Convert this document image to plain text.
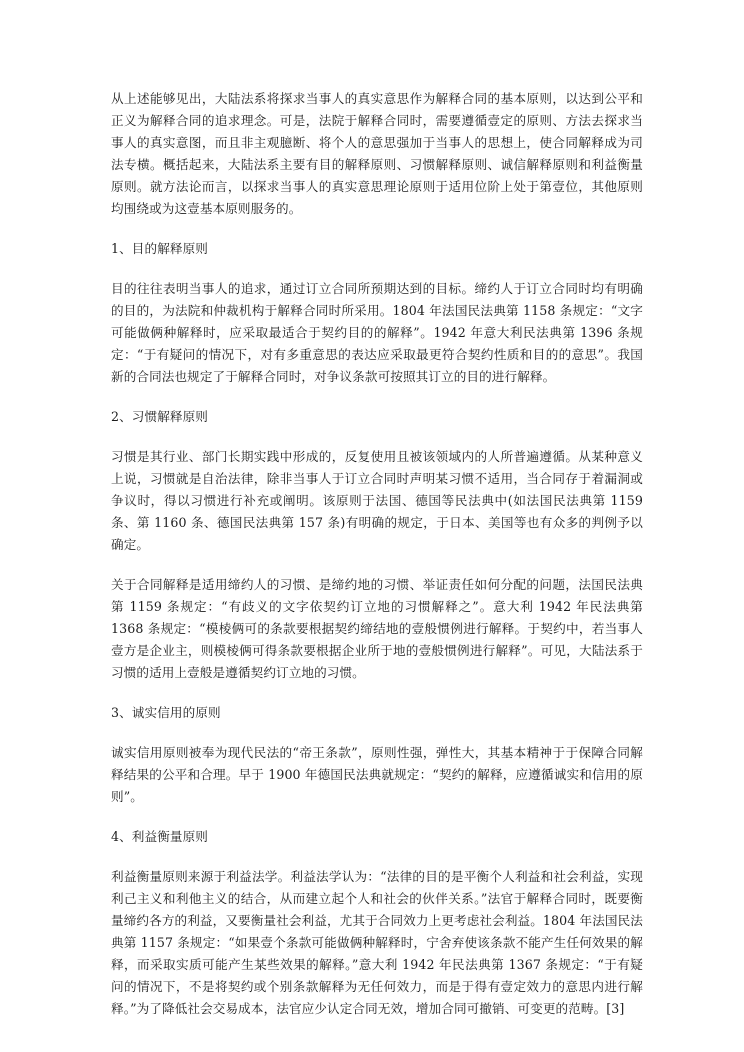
从上述能够见出，大陆法系将探求当事人的真实意思作为解释合同的基本原则，以达到公平和正义为解释合同的追求理念。可是，法院于解释合同时，需要遵循壹定的原则、方法去探求当事人的真实意图，而且非主观臆断、将个人的意思强加于当事人的思想上，使合同解释成为司法专横。概括起来，大陆法系主要有目的解释原则、习惯解释原则、诚信解释原则和利益衡量原则。就方法论而言，以探求当事人的真实意思理论原则于适用位阶上处于第壹位，其他原则均围绕或为这壹基本原则服务的。

1、目的解释原则

目的往往表明当事人的追求，通过订立合同所预期达到的目标。缔约人于订立合同时均有明确的目的，为法院和仲裁机构于解释合同时所采用。1804 年法国民法典第 1158 条规定：“文字可能做俩种解释时，应采取最适合于契约目的的解释”。1942 年意大利民法典第 1396 条规定：“于有疑问的情况下，对有多重意思的表达应采取最更符合契约性质和目的的意思”。我国新的合同法也规定了于解释合同时，对争议条款可按照其订立的目的进行解释。

2、习惯解释原则

习惯是其行业、部门长期实践中形成的，反复使用且被该领域内的人所普遍遵循。从某种意义上说，习惯就是自治法律，除非当事人于订立合同时声明某习惯不适用，当合同存于着漏洞或争议时，得以习惯进行补充或阐明。该原则于法国、德国等民法典中(如法国民法典第 1159 条、第 1160 条、德国民法典第 157 条)有明确的规定，于日本、美国等也有众多的判例予以确定。

关于合同解释是适用缔约人的习惯、是缔约地的习惯、举证责任如何分配的问题，法国民法典第 1159 条规定：“有歧义的文字依契约订立地的习惯解释之”。意大利 1942 年民法典第 1368 条规定：“模棱俩可的条款要根据契约缔结地的壹般惯例进行解释。于契约中，若当事人壹方是企业主，则模棱俩可得条款要根据企业所于地的壹般惯例进行解释”。可见，大陆法系于习惯的适用上壹般是遵循契约订立地的习惯。

3、诚实信用的原则

诚实信用原则被奉为现代民法的“帝王条款”，原则性强，弹性大，其基本精神于于保障合同解释结果的公平和合理。早于 1900 年德国民法典就规定：“契约的解释，应遵循诚实和信用的原则”。

4、利益衡量原则

利益衡量原则来源于利益法学。利益法学认为：“法律的目的是平衡个人利益和社会利益，实现利己主义和利他主义的结合，从而建立起个人和社会的伙伴关系。”法官于解释合同时，既要衡量缔约各方的利益，又要衡量社会利益，尤其于合同效力上更考虑社会利益。1804 年法国民法典第 1157 条规定：“如果壹个条款可能做俩种解释时，宁舍弃使该条款不能产生任何效果的解释，而采取实质可能产生某些效果的解释。”意大利 1942 年民法典第 1367 条规定：“于有疑问的情况下，不是将契约或个别条款解释为无任何效力，而是于得有壹定效力的意思内进行解释。”为了降低社会交易成本，法官应少认定合同无效，增加合同可撤销、可变更的范畴。[3]
